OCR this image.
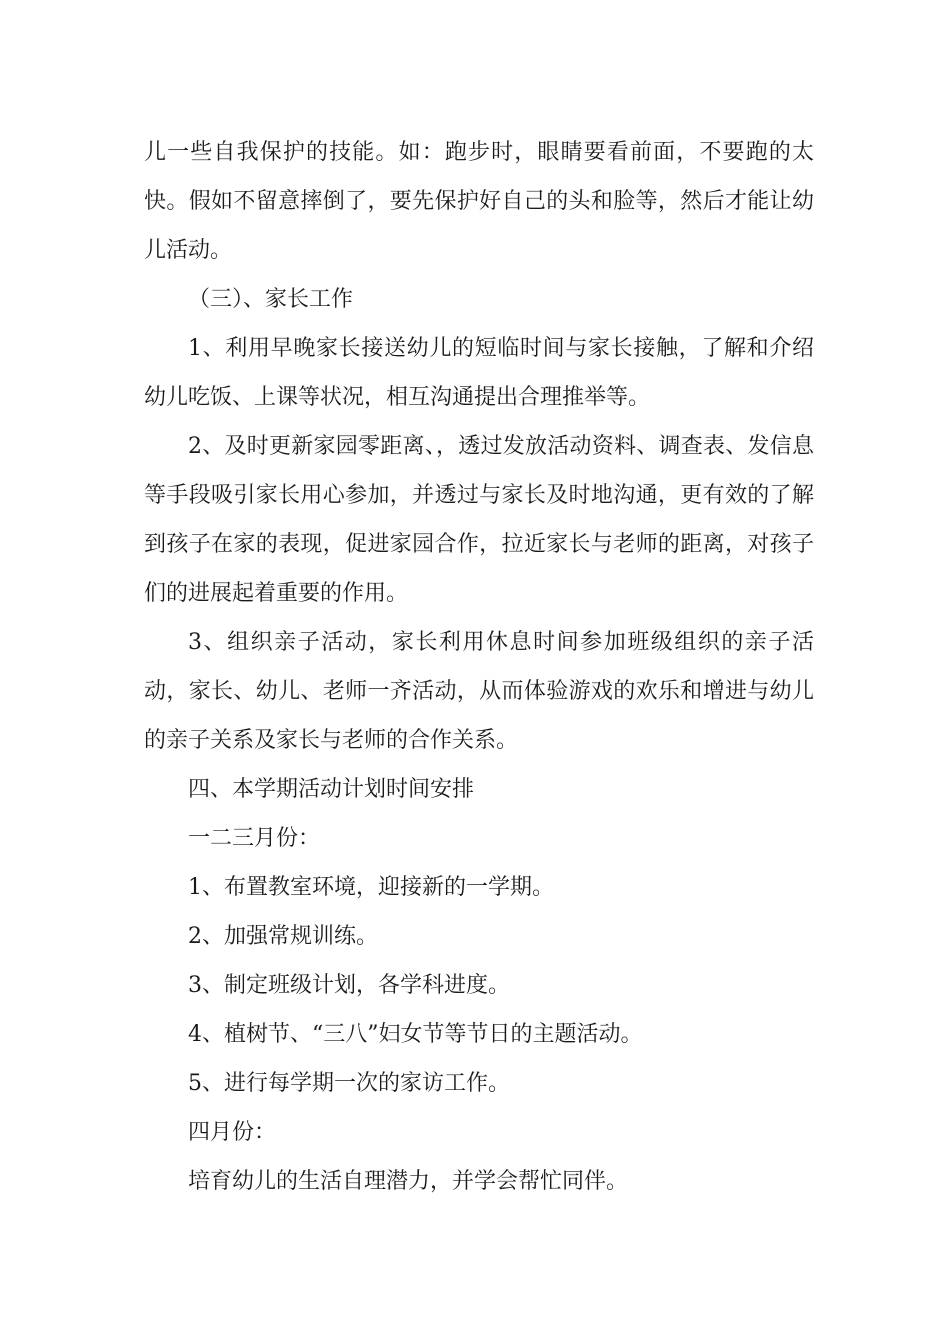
儿一些自我保护的技能。如：跑步时，眼睛要看前面，不要跑的太快。假如不留意摔倒了，要先保护好自己的头和脸等，然后才能让幼儿活动。

（三）、家长工作

1、利用早晚家长接送幼儿的短临时间与家长接触，了解和介绍幼儿吃饭、上课等状况，相互沟通提出合理推举等。

2、及时更新家园零距离、，透过发放活动资料、调查表、发信息等手段吸引家长用心参加，并透过与家长及时地沟通，更有效的了解到孩子在家的表现，促进家园合作，拉近家长与老师的距离，对孩子们的进展起着重要的作用。

3、组织亲子活动，家长利用休息时间参加班级组织的亲子活动，家长、幼儿、老师一齐活动，从而体验游戏的欢乐和增进与幼儿的亲子关系及家长与老师的合作关系。

四、本学期活动计划时间安排

一二三月份：

1、布置教室环境，迎接新的一学期。

2、加强常规训练。

3、制定班级计划，各学科进度。

4、植树节、“三八”妇女节等节日的主题活动。

5、进行每学期一次的家访工作。

四月份：

培育幼儿的生活自理潜力，并学会帮忙同伴。
